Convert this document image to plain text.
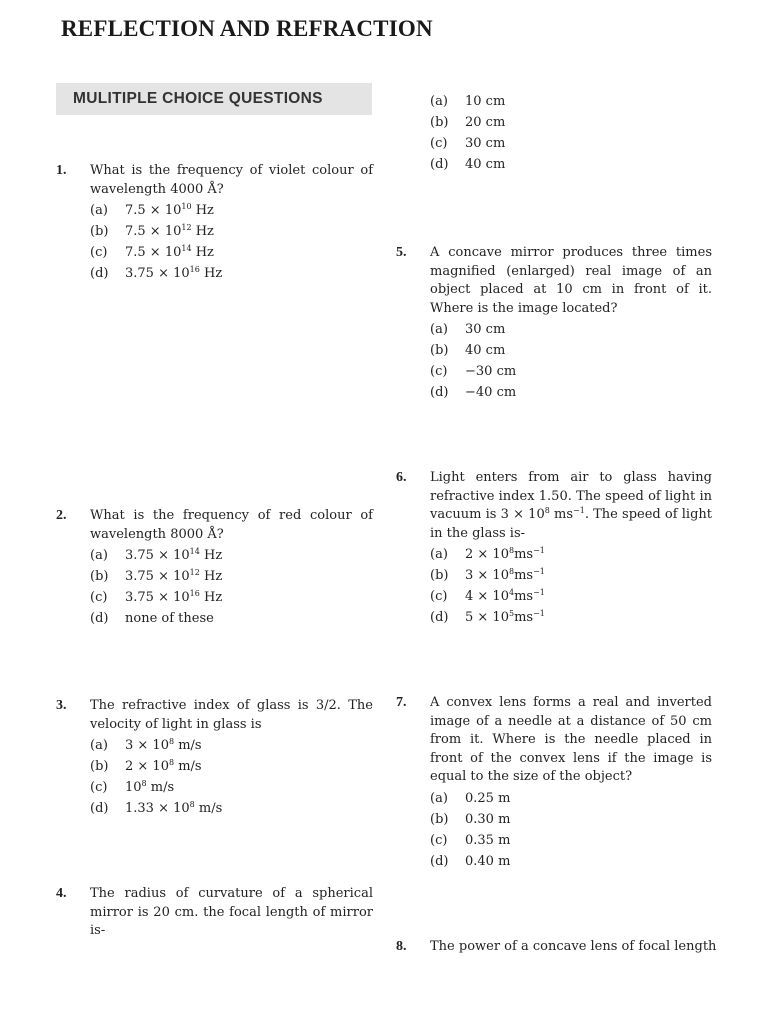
REFLECTION AND REFRACTION
MULITIPLE CHOICE QUESTIONS
1. What is the frequency of violet colour of wavelength 4000 Å?
(a) $7.5 \times 10^{10}$ Hz
(b) $7.5 \times 10^{12}$ Hz
(c) $7.5 \times 10^{14}$ Hz
(d) $3.75 \times 10^{16}$ Hz
2. What is the frequency of red colour of wavelength 8000 Å?
(a) $3.75 \times 10^{14}$ Hz
(b) $3.75 \times 10^{12}$ Hz
(c) $3.75 \times 10^{16}$ Hz
(d) none of these
3. The refractive index of glass is 3/2. The velocity of light in glass is
(a) $3 \times 10^8$ m/s
(b) $2 \times 10^8$ m/s
(c) $10^8$ m/s
(d) $1.33 \times 10^8$ m/s
4. The radius of curvature of a spherical mirror is 20 cm. the focal length of mirror is-
(a) 10 cm
(b) 20 cm
(c) 30 cm
(d) 40 cm
5. A concave mirror produces three times magnified (enlarged) real image of an object placed at 10 cm in front of it. Where is the image located?
(a) 30 cm
(b) 40 cm
(c) −30 cm
(d) −40 cm
6. Light enters from air to glass having refractive index 1.50. The speed of light in vacuum is $3 \times 10^8$ $ms^{-1}$. The speed of light in the glass is-
(a) $2 \times 10^8ms^{-1}$
(b) $3 \times 10^8ms^{-1}$
(c) $4 \times 10^4ms^{-1}$
(d) $5 \times 10^5ms^{-1}$
7. A convex lens forms a real and inverted image of a needle at a distance of 50 cm from it. Where is the needle placed in front of the convex lens if the image is equal to the size of the object?
(a) 0.25 m
(b) 0.30 m
(c) 0.35 m
(d) 0.40 m
8. The power of a concave lens of focal length
